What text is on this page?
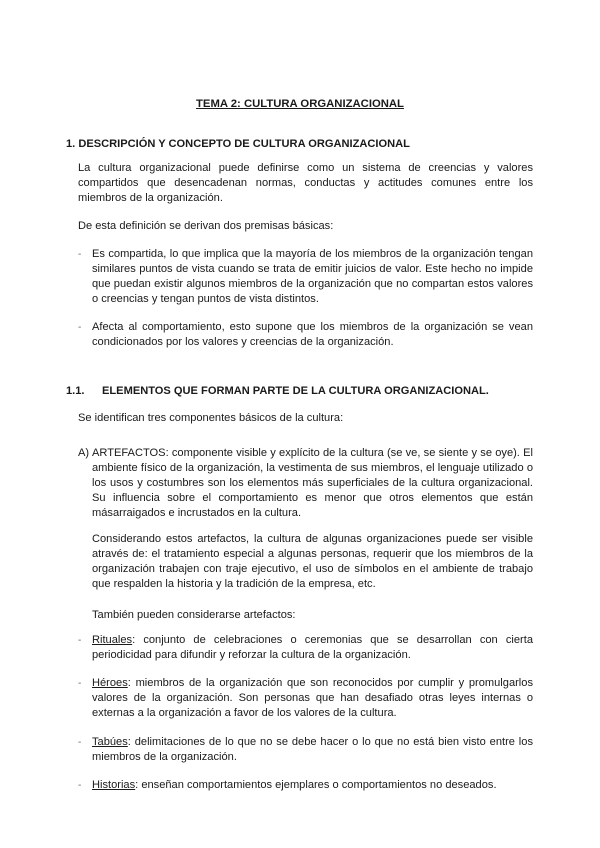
TEMA 2: CULTURA ORGANIZACIONAL
1. DESCRIPCIÓN Y CONCEPTO DE CULTURA ORGANIZACIONAL
La cultura organizacional puede definirse como un sistema de creencias y valores compartidos que desencadenan normas, conductas y actitudes comunes entre los miembros de la organización.
De esta definición se derivan dos premisas básicas:
- Es compartida, lo que implica que la mayoría de los miembros de la organización tengan similares puntos de vista cuando se trata de emitir juicios de valor. Este hecho no impide que puedan existir algunos miembros de la organización que no compartan estos valores o creencias y tengan puntos de vista distintos.
- Afecta al comportamiento, esto supone que los miembros de la organización se vean condicionados por los valores y creencias de la organización.
1.1. ELEMENTOS QUE FORMAN PARTE DE LA CULTURA ORGANIZACIONAL.
Se identifican tres componentes básicos de la cultura:
A) ARTEFACTOS: componente visible y explícito de la cultura (se ve, se siente y se oye). El ambiente físico de la organización, la vestimenta de sus miembros, el lenguaje utilizado o los usos y costumbres son los elementos más superficiales de la cultura organizacional. Su influencia sobre el comportamiento es menor que otros elementos que están másarraigados e incrustados en la cultura.
Considerando estos artefactos, la cultura de algunas organizaciones puede ser visible através de: el tratamiento especial a algunas personas, requerir que los miembros de la organización trabajen con traje ejecutivo, el uso de símbolos en el ambiente de trabajo que respalden la historia y la tradición de la empresa, etc.
También pueden considerarse artefactos:
- Rituales: conjunto de celebraciones o ceremonias que se desarrollan con cierta periodicidad para difundir y reforzar la cultura de la organización.
- Héroes: miembros de la organización que son reconocidos por cumplir y promulgarlos valores de la organización. Son personas que han desafiado otras leyes internas o externas a la organización a favor de los valores de la cultura.
- Tabúes: delimitaciones de lo que no se debe hacer o lo que no está bien visto entre los miembros de la organización.
- Historias: enseñan comportamientos ejemplares o comportamientos no deseados.
